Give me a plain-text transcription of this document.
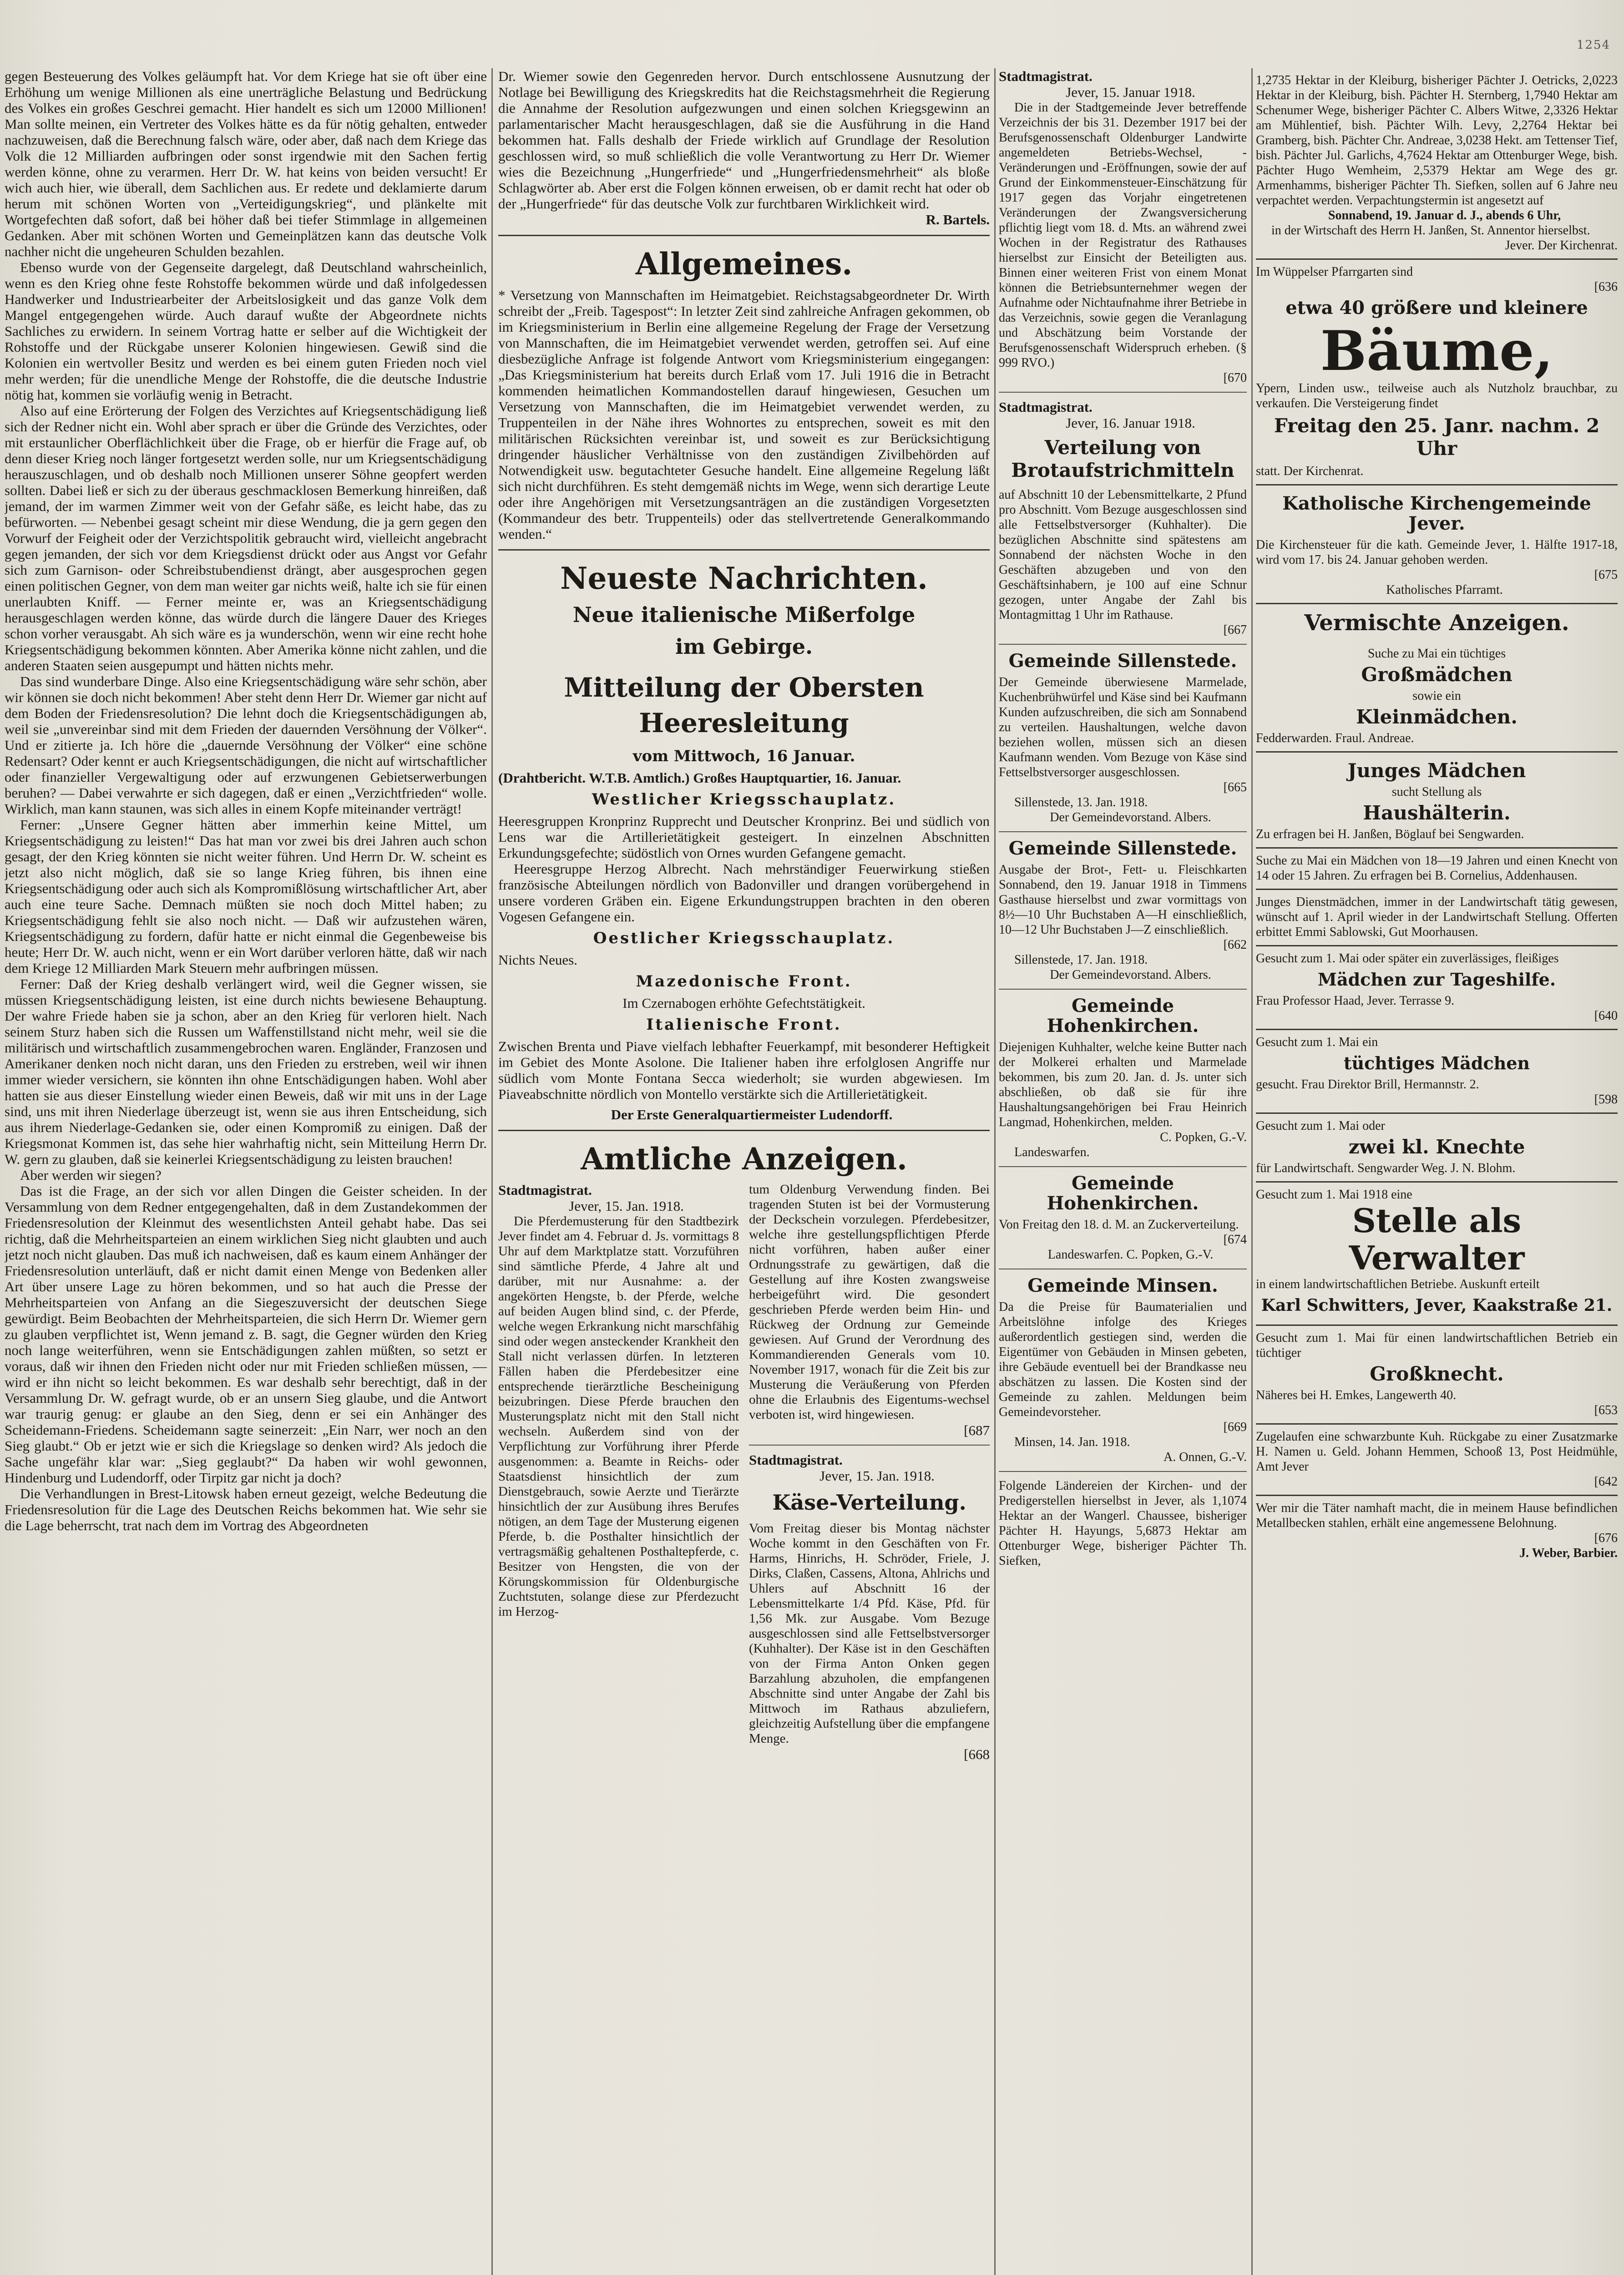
1254

gegen Besteuerung des Volkes geläumpft hat. Vor dem Kriege hat sie oft über eine Erhöhung um wenige Millionen als eine unerträgliche Belastung und Bedrückung des Volkes ein großes Geschrei gemacht. Hier handelt es sich um 12000 Millionen! Man sollte meinen, ein Vertreter des Volkes hätte es da für nötig gehalten, entweder nachzuweisen, daß die Berechnung falsch wäre, oder aber, daß nach dem Kriege das Volk die 12 Milliarden aufbringen oder sonst irgendwie mit den Sachen fertig werden könne, ohne zu verarmen. Herr Dr. W. hat keins von beiden versucht! Er wich auch hier, wie überall, dem Sachlichen aus. Er redete und deklamierte darum herum mit schönen Worten von „Verteidigungskrieg“, und plänkelte mit Wortgefechten daß sofort, daß bei höher daß bei tiefer Stimmlage in allgemeinen Gedanken. Aber mit schönen Worten und Gemeinplätzen kann das deutsche Volk nachher nicht die ungeheuren Schulden bezahlen.

Ebenso wurde von der Gegenseite dargelegt, daß Deutschland wahrscheinlich, wenn es den Krieg ohne feste Rohstoffe bekommen würde und daß infolgedessen Handwerker und Industriearbeiter der Arbeitslosigkeit und das ganze Volk dem Mangel entgegengehen würde. Auch darauf wußte der Abgeordnete nichts Sachliches zu erwidern. In seinem Vortrag hatte er selber auf die Wichtigkeit der Rohstoffe und der Rückgabe unserer Kolonien hingewiesen. Gewiß sind die Kolonien ein wertvoller Besitz und werden es bei einem guten Frieden noch viel mehr werden; für die unendliche Menge der Rohstoffe, die die deutsche Industrie nötig hat, kommen sie vorläufig wenig in Betracht.

Also auf eine Erörterung der Folgen des Verzichtes auf Kriegsentschädigung ließ sich der Redner nicht ein. Wohl aber sprach er über die Gründe des Verzichtes, oder mit erstaunlicher Oberflächlichkeit über die Frage, ob er hierfür die Frage auf, ob denn dieser Krieg noch länger fortgesetzt werden solle, nur um Kriegsentschädigung herauszuschlagen, und ob deshalb noch Millionen unserer Söhne geopfert werden sollten. Dabei ließ er sich zu der überaus geschmacklosen Bemerkung hinreißen, daß jemand, der im warmen Zimmer weit von der Gefahr säße, es leicht habe, das zu befürworten. — Nebenbei gesagt scheint mir diese Wendung, die ja gern gegen den Vorwurf der Feigheit oder der Verzichtspolitik gebraucht wird, vielleicht angebracht gegen jemanden, der sich vor dem Kriegsdienst drückt oder aus Angst vor Gefahr sich zum Garnison- oder Schreibstubendienst drängt, aber ausgesprochen gegen einen politischen Gegner, von dem man weiter gar nichts weiß, halte ich sie für einen unerlaubten Kniff. — Ferner meinte er, was an Kriegsentschädigung herausgeschlagen werden könne, das würde durch die längere Dauer des Krieges schon vorher verausgabt. Ah sich wäre es ja wunderschön, wenn wir eine recht hohe Kriegsentschädigung bekommen könnten. Aber Amerika könne nicht zahlen, und die anderen Staaten seien ausgepumpt und hätten nichts mehr.

Das sind wunderbare Dinge. Also eine Kriegsentschädigung wäre sehr schön, aber wir können sie doch nicht bekommen! Aber steht denn Herr Dr. Wiemer gar nicht auf dem Boden der Friedensresolution? Die lehnt doch die Kriegsentschädigungen ab, weil sie „unvereinbar sind mit dem Frieden der dauernden Versöhnung der Völker“. Und er zitierte ja. Ich höre die „dauernde Versöhnung der Völker“ eine schöne Redensart? Oder kennt er auch Kriegsentschädigungen, die nicht auf wirtschaftlicher oder finanzieller Vergewaltigung oder auf erzwungenen Gebietserwerbungen beruhen? — Dabei verwahrte er sich dagegen, daß er einen „Verzichtfrieden“ wolle. Wirklich, man kann staunen, was sich alles in einem Kopfe miteinander verträgt!

Ferner: „Unsere Gegner hätten aber immerhin keine Mittel, um Kriegsentschädigung zu leisten!“ Das hat man vor zwei bis drei Jahren auch schon gesagt, der den Krieg könnten sie nicht weiter führen. Und Herrn Dr. W. scheint es jetzt also nicht möglich, daß sie so lange Krieg führen, bis ihnen eine Kriegsentschädigung oder auch sich als Kompromißlösung wirtschaftlicher Art, aber auch eine teure Sache. Demnach müßten sie noch doch Mittel haben; zu Kriegsentschädigung fehlt sie also noch nicht. — Daß wir aufzustehen wären, Kriegsentschädigung zu fordern, dafür hatte er nicht einmal die Gegenbeweise bis heute; Herr Dr. W. auch nicht, wenn er ein Wort darüber verloren hätte, daß wir nach dem Kriege 12 Milliarden Mark Steuern mehr aufbringen müssen.

Ferner: Daß der Krieg deshalb verlängert wird, weil die Gegner wissen, sie müssen Kriegsentschädigung leisten, ist eine durch nichts bewiesene Behauptung. Der wahre Friede haben sie ja schon, aber an den Krieg für verloren hielt. Nach seinem Sturz haben sich die Russen um Waffenstillstand nicht mehr, weil sie die militärisch und wirtschaftlich zusammengebrochen waren. Engländer, Franzosen und Amerikaner denken noch nicht daran, uns den Frieden zu erstreben, weil wir ihnen immer wieder versichern, sie könnten ihn ohne Entschädigungen haben. Wohl aber hatten sie aus dieser Einstellung wieder einen Beweis, daß wir mit uns in der Lage sind, uns mit ihren Niederlage überzeugt ist, wenn sie aus ihren Entscheidung, sich aus ihrem Niederlage-Gedanken sie, oder einen Kompromiß zu einigen. Daß der Kriegsmonat Kommen ist, das sehe hier wahrhaftig nicht, sein Mitteilung Herrn Dr. W. gern zu glauben, daß sie keinerlei Kriegsentschädigung zu leisten brauchen!

Aber werden wir siegen?

Das ist die Frage, an der sich vor allen Dingen die Geister scheiden. In der Versammlung von dem Redner entgegengehalten, daß in dem Zustandekommen der Friedensresolution der Kleinmut des wesentlichsten Anteil gehabt habe. Das sei richtig, daß die Mehrheitsparteien an einem wirklichen Sieg nicht glaubten und auch jetzt noch nicht glauben. Das muß ich nachweisen, daß es kaum einem Anhänger der Friedensresolution unterläuft, daß er nicht damit einen Menge von Bedenken aller Art über unsere Lage zu hören bekommen, und so hat auch die Presse der Mehrheitsparteien von Anfang an die Siegeszuversicht der deutschen Siege gewürdigt. Beim Beobachten der Mehrheitsparteien, die sich Herrn Dr. Wiemer gern zu glauben verpflichtet ist, Wenn jemand z. B. sagt, die Gegner würden den Krieg noch lange weiterführen, wenn sie Entschädigungen zahlen müßten, so setzt er voraus, daß wir ihnen den Frieden nicht oder nur mit Frieden schließen müssen, — wird er ihn nicht so leicht bekommen. Es war deshalb sehr berechtigt, daß in der Versammlung Dr. W. gefragt wurde, ob er an unsern Sieg glaube, und die Antwort war traurig genug: er glaube an den Sieg, denn er sei ein Anhänger des Scheidemann-Friedens. Scheidemann sagte seinerzeit: „Ein Narr, wer noch an den Sieg glaubt.“ Ob er jetzt wie er sich die Kriegslage so denken wird? Als jedoch die Sache ungefähr klar war: „Sieg geglaubt?“ Da haben wir wohl gewonnen, Hindenburg und Ludendorff, oder Tirpitz gar nicht ja doch?

Die Verhandlungen in Brest-Litowsk haben erneut gezeigt, welche Bedeutung die Friedensresolution für die Lage des Deutschen Reichs bekommen hat. Wie sehr sie die Lage beherrscht, trat nach dem im Vortrag des Abgeordneten

Dr. Wiemer sowie den Gegenreden hervor. Durch entschlossene Ausnutzung der Notlage bei Bewilligung des Kriegskredits hat die Reichstagsmehrheit die Regierung die Annahme der Resolution aufgezwungen und einen solchen Kriegsgewinn an parlamentarischer Macht herausgeschlagen, daß sie die Ausführung in die Hand bekommen hat. Falls deshalb der Friede wirklich auf Grundlage der Resolution geschlossen wird, so muß schließlich die volle Verantwortung zu Herr Dr. Wiemer wies die Bezeichnung „Hungerfriede“ und „Hungerfriedensmehrheit“ als bloße Schlagwörter ab. Aber erst die Folgen können erweisen, ob er damit recht hat oder ob der „Hungerfriede“ für das deutsche Volk zur furchtbaren Wirklichkeit wird.

R. Bartels.

Allgemeines.

* Versetzung von Mannschaften im Heimatgebiet. Reichstagsabgeordneter Dr. Wirth schreibt der „Freib. Tagespost“: In letzter Zeit sind zahlreiche Anfragen gekommen, ob im Kriegsministerium in Berlin eine allgemeine Regelung der Frage der Versetzung von Mannschaften, die im Heimatgebiet verwendet werden, getroffen sei. Auf eine diesbezügliche Anfrage ist folgende Antwort vom Kriegsministerium eingegangen: „Das Kriegsministerium hat bereits durch Erlaß vom 17. Juli 1916 die in Betracht kommenden heimatlichen Kommandostellen darauf hingewiesen, Gesuchen um Versetzung von Mannschaften, die im Heimatgebiet verwendet werden, zu Truppenteilen in der Nähe ihres Wohnortes zu entsprechen, soweit es mit den militärischen Rücksichten vereinbar ist, und soweit es zur Berücksichtigung dringender häuslicher Verhältnisse von den zuständigen Zivilbehörden auf Notwendigkeit usw. begutachteter Gesuche handelt. Eine allgemeine Regelung läßt sich nicht durchführen. Es steht demgemäß nichts im Wege, wenn sich derartige Leute oder ihre Angehörigen mit Versetzungsanträgen an die zuständigen Vorgesetzten (Kommandeur des betr. Truppenteils) oder das stellvertretende Generalkommando wenden.“

Neueste Nachrichten.
Neue italienische Mißerfolge
im Gebirge.
Mitteilung der Obersten Heeresleitung
vom Mittwoch, 16 Januar.

(Drahtbericht. W.T.B. Amtlich.) Großes Hauptquartier, 16. Januar.

Westlicher Kriegsschauplatz.

Heeresgruppen Kronprinz Rupprecht und Deutscher Kronprinz. Bei und südlich von Lens war die Artillerietätigkeit gesteigert. In einzelnen Abschnitten Erkundungsgefechte; südöstlich von Ornes wurden Gefangene gemacht.

Heeresgruppe Herzog Albrecht. Nach mehrständiger Feuerwirkung stießen französische Abteilungen nördlich von Badonviller und drangen vorübergehend in unsere vorderen Gräben ein. Eigene Erkundungstruppen brachten in den oberen Vogesen Gefangene ein.

Oestlicher Kriegsschauplatz.

Nichts Neues.

Mazedonische Front.

Im Czernabogen erhöhte Gefechtstätigkeit.

Italienische Front.

Zwischen Brenta und Piave vielfach lebhafter Feuerkampf, mit besonderer Heftigkeit im Gebiet des Monte Asolone. Die Italiener haben ihre erfolglosen Angriffe nur südlich vom Monte Fontana Secca wiederholt; sie wurden abgewiesen. Im Piaveabschnitte nördlich von Montello verstärkte sich die Artillerietätigkeit.

Der Erste Generalquartiermeister Ludendorff.

Amtliche Anzeigen.

Stadtmagistrat.

Jever, 15. Jan. 1918.

Die Pferdemusterung für den Stadtbezirk Jever findet am 4. Februar d. Js. vormittags 8 Uhr auf dem Marktplatze statt. Vorzuführen sind sämtliche Pferde, 4 Jahre alt und darüber, mit nur Ausnahme: a. der angekörten Hengste, b. der Pferde, welche auf beiden Augen blind sind, c. der Pferde, welche wegen Erkrankung nicht marschfähig sind oder wegen ansteckender Krankheit den Stall nicht verlassen dürfen. In letzteren Fällen haben die Pferdebesitzer eine entsprechende tierärztliche Bescheinigung beizubringen. Diese Pferde brauchen den Musterungsplatz nicht mit den Stall nicht wechseln. Außerdem sind von der Verpflichtung zur Vorführung ihrer Pferde ausgenommen: a. Beamte in Reichs- oder Staatsdienst hinsichtlich der zum Dienstgebrauch, sowie Aerzte und Tierärzte hinsichtlich der zur Ausübung ihres Berufes nötigen, an dem Tage der Musterung eigenen Pferde, b. die Posthalter hinsichtlich der vertragsmäßig gehaltenen Posthaltepferde, c. Besitzer von Hengsten, die von der Körungskommission für Oldenburgische Zuchtstuten, solange diese zur Pferdezucht im Herzog-

tum Oldenburg Verwendung finden. Bei tragenden Stuten ist bei der Vormusterung der Deckschein vorzulegen. Pferdebesitzer, welche ihre gestellungspflichtigen Pferde nicht vorführen, haben außer einer Ordnungsstrafe zu gewärtigen, daß die Gestellung auf ihre Kosten zwangsweise herbeigeführt wird. Die gesondert geschrieben Pferde werden beim Hin- und Rückweg der Ordnung zur Gemeinde gewiesen. Auf Grund der Verordnung des Kommandierenden Generals vom 10. November 1917, wonach für die Zeit bis zur Musterung die Veräußerung von Pferden ohne die Erlaubnis des Eigentums-wechsel verboten ist, wird hingewiesen.

[687

Stadtmagistrat.

Jever, 15. Jan. 1918.

Käse-Verteilung.

Vom Freitag dieser bis Montag nächster Woche kommt in den Geschäften von Fr. Harms, Hinrichs, H. Schröder, Friele, J. Dirks, Claßen, Cassens, Altona, Ahlrichs und Uhlers auf Abschnitt 16 der Lebensmittelkarte 1/4 Pfd. Käse, Pfd. für 1,56 Mk. zur Ausgabe. Vom Bezuge ausgeschlossen sind alle Fettselbstversorger (Kuhhalter). Der Käse ist in den Geschäften von der Firma Anton Onken gegen Barzahlung abzuholen, die empfangenen Abschnitte sind unter Angabe der Zahl bis Mittwoch im Rathaus abzuliefern, gleichzeitig Aufstellung über die empfangene Menge.

[668

Stadtmagistrat.

Jever, 15. Januar 1918.

Die in der Stadtgemeinde Jever betreffende Verzeichnis der bis 31. Dezember 1917 bei der Berufsgenossenschaft Oldenburger Landwirte angemeldeten Betriebs-Wechsel, -Veränderungen und -Eröffnungen, sowie der auf Grund der Einkommensteuer-Einschätzung für 1917 gegen das Vorjahr eingetretenen Veränderungen der Zwangsversicherung pflichtig liegt vom 18. d. Mts. an während zwei Wochen in der Registratur des Rathauses hierselbst zur Einsicht der Beteiligten aus. Binnen einer weiteren Frist von einem Monat können die Betriebsunternehmer wegen der Aufnahme oder Nichtaufnahme ihrer Betriebe in das Verzeichnis, sowie gegen die Veranlagung und Abschätzung beim Vorstande der Berufsgenossenschaft Widerspruch erheben. (§ 999 RVO.)

[670

Stadtmagistrat.

Jever, 16. Januar 1918.

Verteilung von Brotaufstrichmitteln

auf Abschnitt 10 der Lebensmittelkarte, 2 Pfund pro Abschnitt. Vom Bezuge ausgeschlossen sind alle Fettselbstversorger (Kuhhalter). Die bezüglichen Abschnitte sind spätestens am Sonnabend der nächsten Woche in den Geschäften abzugeben und von den Geschäftsinhabern, je 100 auf eine Schnur gezogen, unter Angabe der Zahl bis Montagmittag 1 Uhr im Rathause.

[667

Gemeinde Sillenstede.

Der Gemeinde überwiesene Marmelade, Kuchenbrühwürfel und Käse sind bei Kaufmann Kunden aufzuschreiben, die sich am Sonnabend zu verteilen. Haushaltungen, welche davon beziehen wollen, müssen sich an diesen Kaufmann wenden. Vom Bezuge von Käse sind Fettselbstversorger ausgeschlossen.

[665

Sillenstede, 13. Jan. 1918.

Der Gemeindevorstand. Albers.

Gemeinde Sillenstede.

Ausgabe der Brot-, Fett- u. Fleischkarten Sonnabend, den 19. Januar 1918 in Timmens Gasthause hierselbst und zwar vormittags von 8½—10 Uhr Buchstaben A—H einschließlich, 10—12 Uhr Buchstaben J—Z einschließlich.

[662

Sillenstede, 17. Jan. 1918.

Der Gemeindevorstand. Albers.

Gemeinde Hohenkirchen.

Diejenigen Kuhhalter, welche keine Butter nach der Molkerei erhalten und Marmelade bekommen, bis zum 20. Jan. d. Js. unter sich abschließen, ob daß sie für ihre Haushaltungsangehörigen bei Frau Heinrich Langmad, Hohenkirchen, melden.

C. Popken, G.-V.

Landeswarfen.

Gemeinde Hohenkirchen.

Von Freitag den 18. d. M. an Zuckerverteilung.

[674

Landeswarfen. C. Popken, G.-V.

Gemeinde Minsen.

Da die Preise für Baumaterialien und Arbeitslöhne infolge des Krieges außerordentlich gestiegen sind, werden die Eigentümer von Gebäuden in Minsen gebeten, ihre Gebäude eventuell bei der Brandkasse neu abschätzen zu lassen. Die Kosten sind der Gemeinde zu zahlen. Meldungen beim Gemeindevorsteher.

[669

Minsen, 14. Jan. 1918.

A. Onnen, G.-V.

Folgende Ländereien der Kirchen- und der Predigerstellen hierselbst in Jever, als 1,1074 Hektar an der Wangerl. Chaussee, bisheriger Pächter H. Hayungs, 5,6873 Hektar am Ottenburger Wege, bisheriger Pächter Th. Siefken,

1,2735 Hektar in der Kleiburg, bisheriger Pächter J. Oetricks, 2,0223 Hektar in der Kleiburg, bish. Pächter H. Sternberg, 1,7940 Hektar am Schenumer Wege, bisheriger Pächter C. Albers Witwe, 2,3326 Hektar am Mühlentief, bish. Pächter Wilh. Levy, 2,2764 Hektar bei Gramberg, bish. Pächter Chr. Andreae, 3,0238 Hekt. am Tettenser Tief, bish. Pächter Jul. Garlichs, 4,7624 Hektar am Ottenburger Wege, bish. Pächter Hugo Wemheim, 2,5379 Hektar am Wege des gr. Armenhamms, bisheriger Pächter Th. Siefken, sollen auf 6 Jahre neu verpachtet werden. Verpachtungstermin ist angesetzt auf

Sonnabend, 19. Januar d. J., abends 6 Uhr,

in der Wirtschaft des Herrn H. Janßen, St. Annentor hierselbst.

Jever. Der Kirchenrat.

Im Wüppelser Pfarrgarten sind

[636

etwa 40 größere und kleinere
Bäume,

Ypern, Linden usw., teilweise auch als Nutzholz brauchbar, zu verkaufen. Die Versteigerung findet

Freitag den 25. Janr. nachm. 2 Uhr

statt. Der Kirchenrat.

Katholische Kirchengemeinde Jever.

Die Kirchensteuer für die kath. Gemeinde Jever, 1. Hälfte 1917-18, wird vom 17. bis 24. Januar gehoben werden.

[675

Katholisches Pfarramt.

Vermischte Anzeigen.

Suche zu Mai ein tüchtiges

Großmädchen

sowie ein

Kleinmädchen.

Fedderwarden. Fraul. Andreae.

Junges Mädchen

sucht Stellung als

Haushälterin.

Zu erfragen bei H. Janßen, Böglauf bei Sengwarden.

Suche zu Mai ein Mädchen von 18—19 Jahren und einen Knecht von 14 oder 15 Jahren. Zu erfragen bei B. Cornelius, Addenhausen.

Junges Dienstmädchen, immer in der Landwirtschaft tätig gewesen, wünscht auf 1. April wieder in der Landwirtschaft Stellung. Offerten erbittet Emmi Sablowski, Gut Moorhausen.

Gesucht zum 1. Mai oder später ein zuverlässiges, fleißiges

Mädchen zur Tageshilfe.

Frau Professor Haad, Jever. Terrasse 9.

[640

Gesucht zum 1. Mai ein

tüchtiges Mädchen

gesucht. Frau Direktor Brill, Hermannstr. 2.

[598

Gesucht zum 1. Mai oder

zwei kl. Knechte

für Landwirtschaft. Sengwarder Weg. J. N. Blohm.

Gesucht zum 1. Mai 1918 eine

Stelle als
Verwalter

in einem landwirtschaftlichen Betriebe. Auskunft erteilt

Karl Schwitters, Jever, Kaakstraße 21.

Gesucht zum 1. Mai für einen landwirtschaftlichen Betrieb ein tüchtiger

Großknecht.

Näheres bei H. Emkes, Langewerth 40.

[653

Zugelaufen eine schwarzbunte Kuh. Rückgabe zu einer Zusatzmarke H. Namen u. Geld. Johann Hemmen, Schooß 13, Post Heidmühle, Amt Jever

[642

Wer mir die Täter namhaft macht, die in meinem Hause befindlichen Metallbecken stahlen, erhält eine angemessene Belohnung.

[676

J. Weber, Barbier.
